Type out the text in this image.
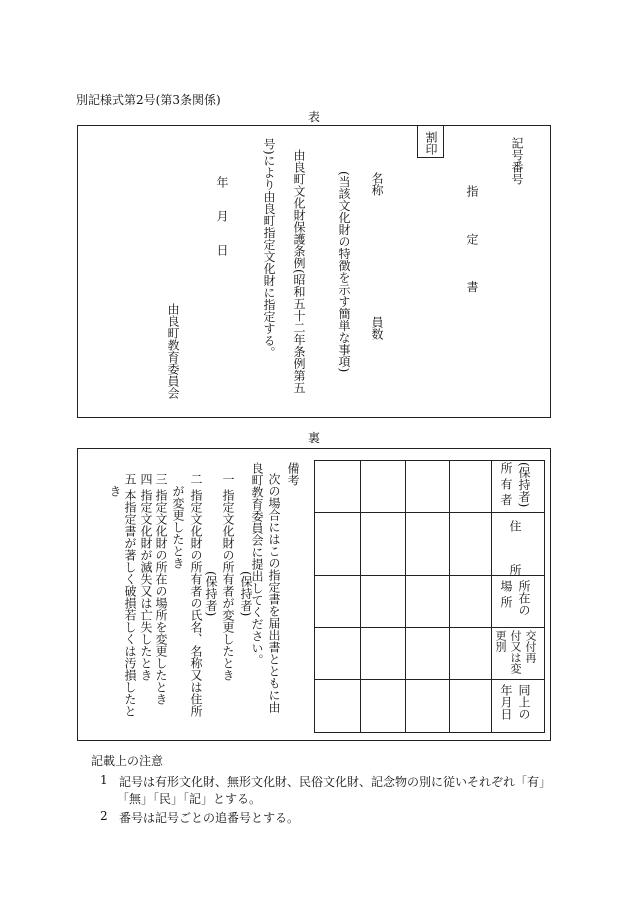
別記様式第2号(第3条関係)
表
記号番号
割印
指 定 書
名称
員数
(当該文化財の特徴を示す簡単な事項)
由良町文化財保護条例(昭和五十二年条例第五
号)により由良町指定文化財に指定する。
年
月
日
由良町教育委員会
裏
(保持者)
所 有 者
住 所
所在の
場 所
交付再
付又は変
更別
同上の
年月日
備考
次の場合にはこの指定書を届出書とともに由
良町教育委員会に提出してください。
(保持者)
一 指定文化財の所有者が変更したとき
(保持者)
二 指定文化財の所有者の氏名、名称又は住所
が変更したとき
三 指定文化財の所在の場所を変更したとき
四 指定文化財が滅失又は亡失したとき
五 本指定書が著しく破損若しくは汚損したと
き
記載上の注意
1 記号は有形文化財、無形文化財、民俗文化財、記念物の別に従いそれぞれ「有」
「無」「民」「記」とする。
2 番号は記号ごとの追番号とする。
